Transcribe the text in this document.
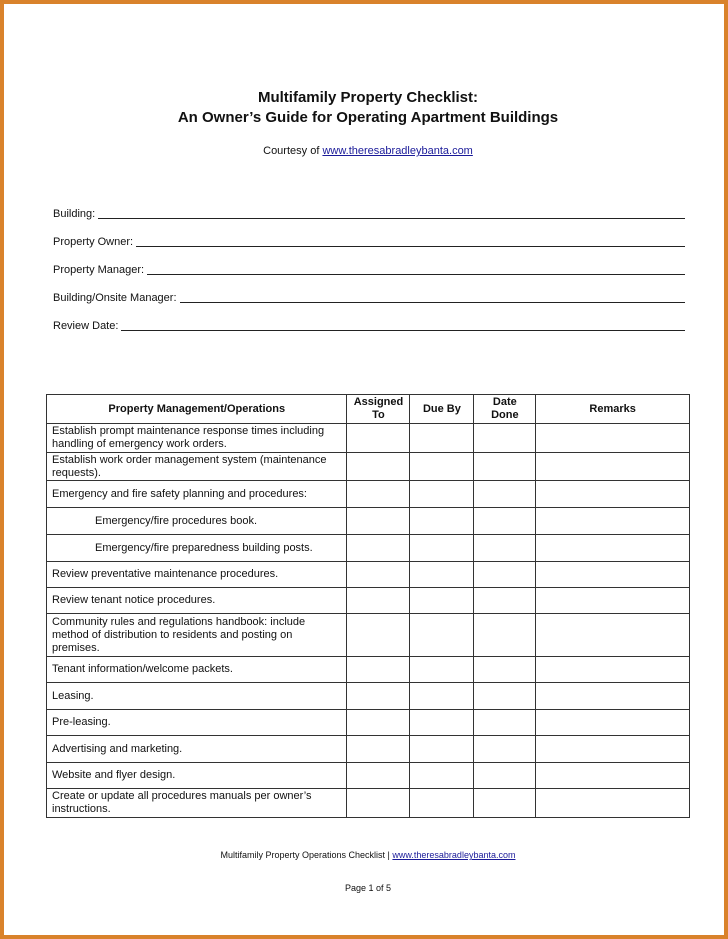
Multifamily Property Checklist:
An Owner’s Guide for Operating Apartment Buildings
Courtesy of www.theresabradleybanta.com
Building:
Property Owner:
Property Manager:
Building/Onsite Manager:
Review Date:
Property Management/Operations	Assigned To	Due By	Date Done	Remarks
Establish prompt maintenance response times including handling of emergency work orders.				
Establish work order management system (maintenance requests).				
Emergency and fire safety planning and procedures:				
Emergency/fire procedures book.				
Emergency/fire preparedness building posts.				
Review preventative maintenance procedures.				
Review tenant notice procedures.				
Community rules and regulations handbook: include method of distribution to residents and posting on premises.				
Tenant information/welcome packets.				
Leasing.				
Pre-leasing.				
Advertising and marketing.				
Website and flyer design.				
Create or update all procedures manuals per owner’s instructions.				
Multifamily Property Operations Checklist | www.theresabradleybanta.com
Page 1 of 5
